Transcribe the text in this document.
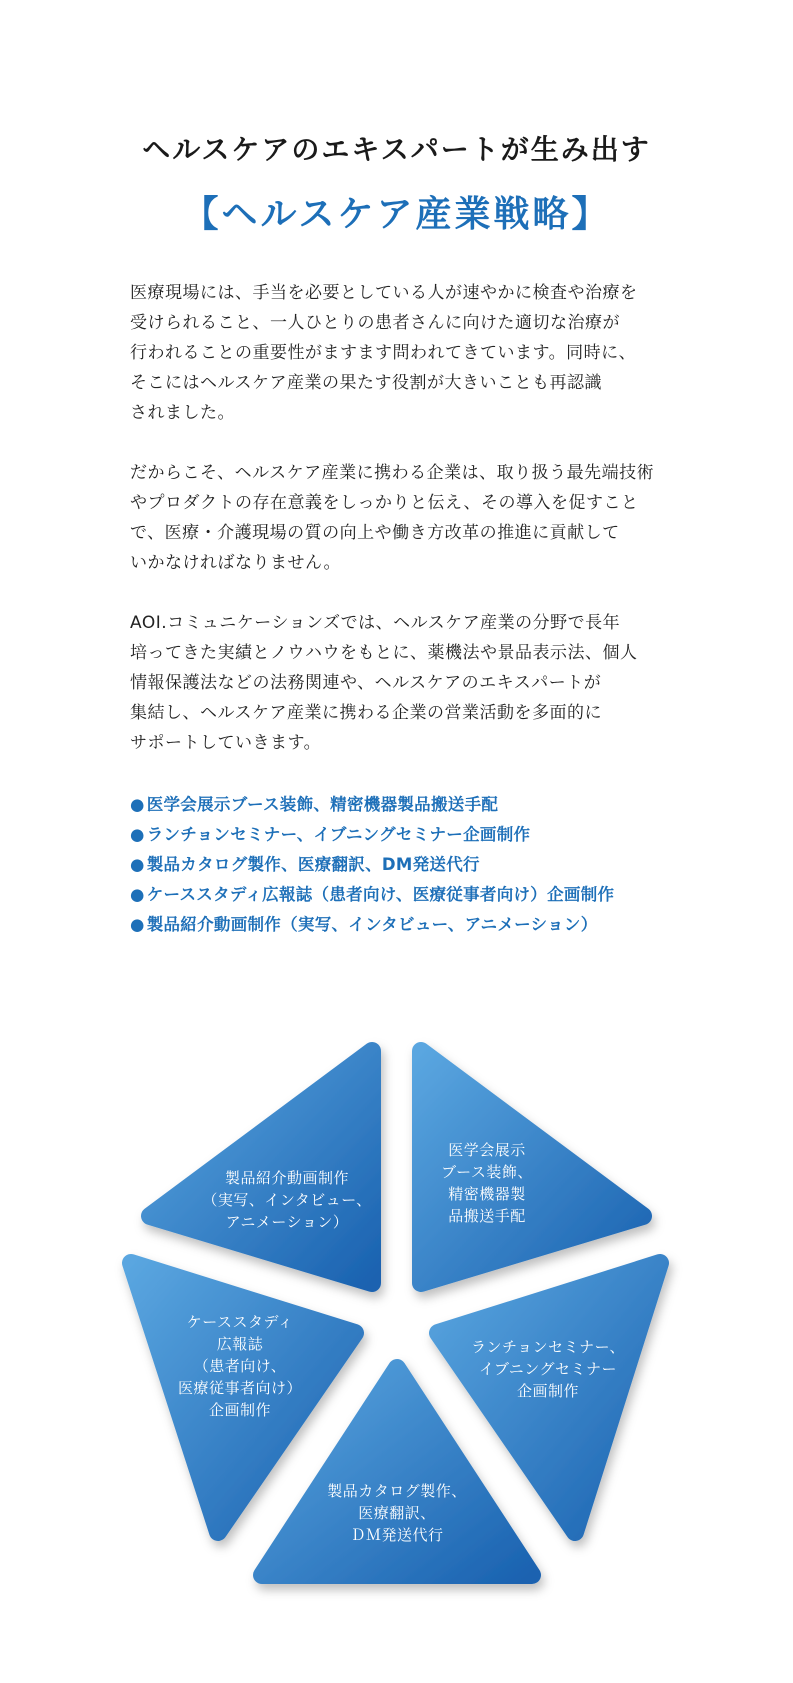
ヘルスケアのエキスパートが生み出す
【ヘルスケア産業戦略】
医療現場には、手当を必要としている人が速やかに検査や治療を
受けられること、一人ひとりの患者さんに向けた適切な治療が
行われることの重要性がますます問われてきています。同時に、
そこにはヘルスケア産業の果たす役割が大きいことも再認識
されました。
だからこそ、ヘルスケア産業に携わる企業は、取り扱う最先端技術
やプロダクトの存在意義をしっかりと伝え、その導入を促すこと
で、医療・介護現場の質の向上や働き方改革の推進に貢献して
いかなければなりません。
AOI.コミュニケーションズでは、ヘルスケア産業の分野で長年
培ってきた実績とノウハウをもとに、薬機法や景品表示法、個人
情報保護法などの法務関連や、ヘルスケアのエキスパートが
集結し、ヘルスケア産業に携わる企業の営業活動を多面的に
サポートしていきます。
● 医学会展示ブース装飾、精密機器製品搬送手配
● ランチョンセミナー、イブニングセミナー企画制作
● 製品カタログ製作、医療翻訳、DM発送代行
● ケーススタディ広報誌（患者向け、医療従事者向け）企画制作
● 製品紹介動画制作（実写、インタビュー、アニメーション）
製品紹介動画制作
（実写、インタビュー、
アニメーション）
医学会展示
ブース装飾、
精密機器製
品搬送手配
ケーススタディ
広報誌
（患者向け、
医療従事者向け）
企画制作
ランチョンセミナー、
イブニングセミナー
企画制作
製品カタログ製作、
医療翻訳、
ＤＭ発送代行
